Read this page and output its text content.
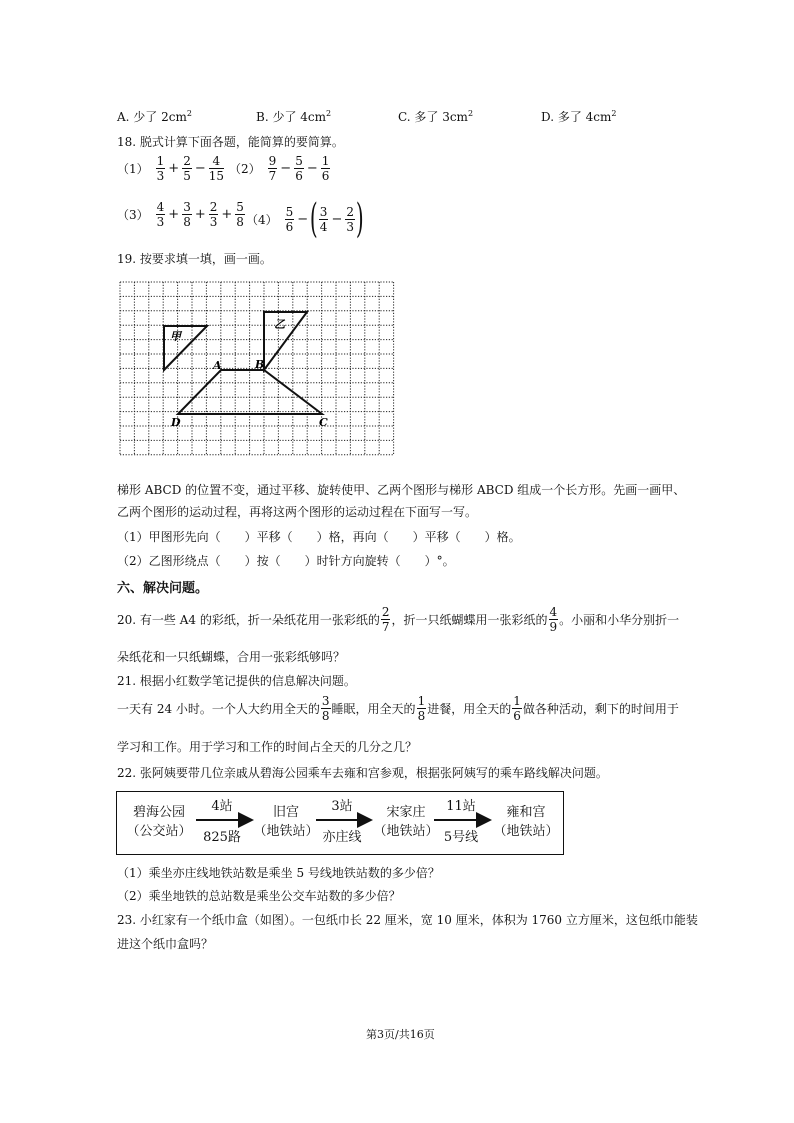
A. 少了 $2cm^2$	B. 少了 $4cm^2$	C. 多了 $3cm^2$	D. 多了 $4cm^2$
18. 脱式计算下面各题，能简算的要简算。
$(1) \frac{1}{3} + \frac{2}{5} - \frac{4}{15} (2) \frac{9}{7} - \frac{5}{6} - \frac{1}{6}$
$(3) \frac{4}{3} + \frac{3}{8} + \frac{2}{3} + \frac{5}{8} (4) \frac{5}{6}$ − ( $\frac{3}{4} - \frac{2}{3}$ )
19. 按要求填一填，画一画。
甲
乙
A	B
C
D
梯形 ABCD 的位置不变，通过平移、旋转使甲、乙两个图形与梯形 ABCD 组成一个长方形。先画一画甲、
乙两个图形的运动过程，再将这两个图形的运动过程在下面写一写。
（1）甲图形先向（　　）平移（　　）格，再向（　　）平移（　　）格。
（2）乙图形绕点（　　）按（　　）时针方向旋转（　　）°。
六、解决问题。
20. 有一些 A4 的彩纸，折一朵纸花用一张彩纸的 $\frac{2}{7}$ ，折一只纸蝴蝶用一张彩纸的 $\frac{4}{9}$ 。小丽和小华分别折一
朵纸花和一只纸蝴蝶，合用一张彩纸够吗？
21. 根据小红数学笔记提供的信息解决问题。
一天有 24 小时。一个人大约用全天的 $\frac{3}{8}$ 睡眠，用全天的 $\frac{1}{8}$ 进餐，用全天的 $\frac{1}{6}$ 做各种活动，剩下的时间用于
学习和工作。用于学习和工作的时间占全天的几分之几？
22. 张阿姨要带几位亲戚从碧海公园乘车去雍和宫参观，根据张阿姨写的乘车路线解决问题。
碧海公园
（公交站）
旧宫
（地铁站）
宋家庄
（地铁站）
雍和宫
（地铁站）
4站
825路
3站
亦庄线
11站
5号线
（1）乘坐亦庄线地铁站数是乘坐 5 号线地铁站数的多少倍？
（2）乘坐地铁的总站数是乘坐公交车站数的多少倍？
23. 小红家有一个纸巾盒（如图）。一包纸巾长 22 厘米，宽 10 厘米，体积为 1760 立方厘米，这包纸巾能装
进这个纸巾盒吗？
第3页/共16页
